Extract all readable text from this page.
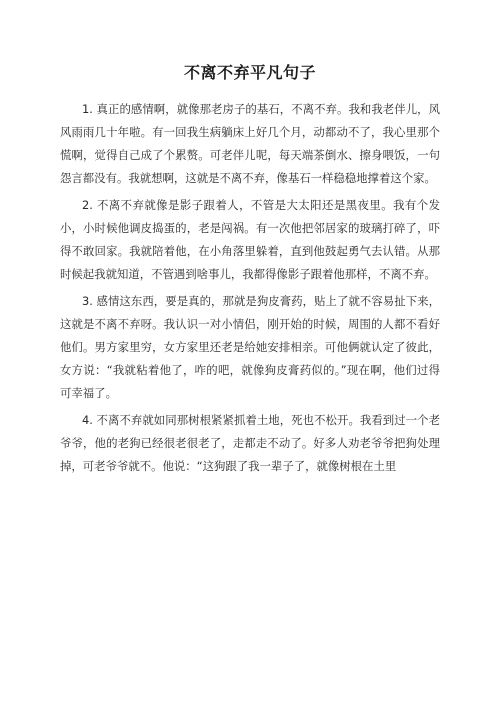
不离不弃平凡句子

1. 真正的感情啊，就像那老房子的基石，不离不弃。我和我老伴儿，风风雨雨几十年啦。有一回我生病躺床上好几个月，动都动不了，我心里那个慌啊，觉得自己成了个累赘。可老伴儿呢，每天端茶倒水、擦身喂饭，一句怨言都没有。我就想啊，这就是不离不弃，像基石一样稳稳地撑着这个家。

2. 不离不弃就像是影子跟着人，不管是大太阳还是黑夜里。我有个发小，小时候他调皮捣蛋的，老是闯祸。有一次他把邻居家的玻璃打碎了，吓得不敢回家。我就陪着他，在小角落里躲着，直到他鼓起勇气去认错。从那时候起我就知道，不管遇到啥事儿，我都得像影子跟着他那样，不离不弃。

3. 感情这东西，要是真的，那就是狗皮膏药，贴上了就不容易扯下来，这就是不离不弃呀。我认识一对小情侣，刚开始的时候，周围的人都不看好他们。男方家里穷，女方家里还老是给她安排相亲。可他俩就认定了彼此，女方说：“我就粘着他了，咋的吧，就像狗皮膏药似的。”现在啊，他们过得可幸福了。

4. 不离不弃就如同那树根紧紧抓着土地，死也不松开。我看到过一个老爷爷，他的老狗已经很老很老了，走都走不动了。好多人劝老爷爷把狗处理掉，可老爷爷就不。他说：“这狗跟了我一辈子了，就像树根在土里
